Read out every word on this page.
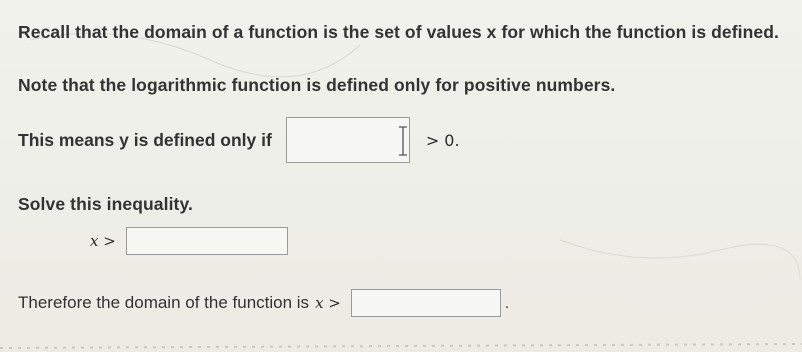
Recall that the domain of a function is the set of values x for which the function is defined.
Note that the logarithmic function is defined only for positive numbers.
This means y is defined only if	> 0.
Solve this inequality.
x >
Therefore the domain of the function is x >	.
